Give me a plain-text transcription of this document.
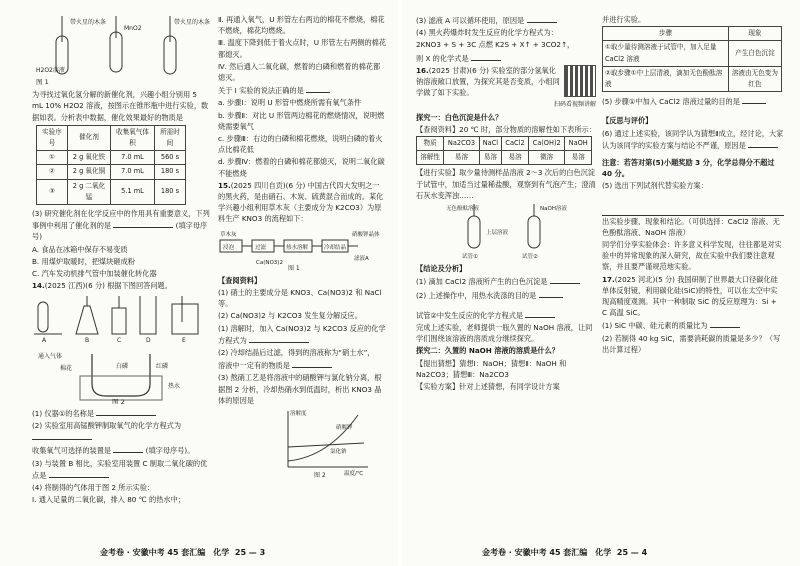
带火星的木条
MnO2
带火星的木条
H2O2溶液
图 1

为寻找过氧化氢分解的新催化剂，兴趣小组分别用 5 mL 10% H2O2 溶液，按图示在锥形瓶中进行实验，数据如表。分析表中数据，催化效果最好的物质是

实验序号	催化剂	收集氧气体积	所需时间
①	2 g 氧化铁	7.0 mL	560 s
②	2 g 氧化铜	7.0 mL	180 s
③	2 g 二氧化锰	5.1 mL	180 s

(3) 研究催化剂在化学反应中的作用具有重要意义，下列事例中利用了催化剂的是	(填字母序号)

A. 食品在冰箱中保存不易变质

B. 用煤炉取暖时，把煤块砸成粉

C. 汽车发动机排气管中加装催化转化器

14.(2025 江西)(6 分) 根据下图回答问题。

A	B	C	D	E

通入气体
棉花	白磷	红磷
热水
图 2

(1) 仪器①的名称是

(2) 实验室用高锰酸钾制取氧气的化学方程式为

收集氧气可选择的装置是	(填字母序号)。

(3) 与装置 B 相比，实验室用装置 C 制取二氧化碳的优点是

(4) 将制得的气体用于图 2 所示实验：

Ⅰ. 通入足量的二氧化碳，排入 80 ℃ 的热水中；

Ⅱ. 再通入氧气，U 形管左右两边的棉花不燃烧，棉花不燃烧，棉花均燃烧。

Ⅲ. 温度下降到低于着火点时，U 形管左右两侧的棉花都熄灭。

Ⅳ. 然后通入二氧化碳，燃着的白磷和燃着的棉花都熄灭。

关于 Ⅰ 实验的说法正确的是

a. 步骤Ⅰ：说明 U 形管中燃烧所需有氧气条件

b. 步骤Ⅱ：对比 U 形管两边棉花的燃烧情况，说明燃烧需要氧气

c. 步骤Ⅲ：右边的白磷和棉花燃烧，说明白磷的着火点比棉花低

d. 步骤Ⅳ：燃着的白磷和棉花都熄灭，说明二氧化碳不能燃烧

15.(2025 四川自贡)(6 分) 中国古代四大发明之一的黑火药，是由硝石、木炭、硫黄混合而成的。某化学兴趣小组利用草木灰（主要成分为 K2CO3）为原料生产 KNO3 的流程如下：

草木灰
浸泡	过滤	热水溶解	冷却结晶
硝酸钾晶体
Ca(NO3)2
滤液A
图 1

【查阅资料】

(1) 硝土的主要成分是 KNO3、Ca(NO3)2 和 NaCl 等。

(2) Ca(NO3)2 与 K2CO3 发生复分解反应。

(1) 溶解时，加入 Ca(NO3)2 与 K2CO3 反应的化学方程式为

(2) 冷却结晶后过滤，得到的溶液称为“硝土水”，

溶液中一定有的物质是

(3) 熬硝工艺是将溶液中的硝酸钾与氯化钠分离，根据图 2 分析，冷却热硝水到低温时，析出 KNO3 晶体的原因是

溶解度
硝酸钾
氯化钠
温度/℃
图 2
金考卷 · 安徽中考 45 套汇编　化学 25 — 3

(3) 滤液 A 可以循环使用，原因是

(4) 黑火药爆炸时发生反应的化学方程式为：

2KNO3 + S + 3C 点燃 K2S + X↑ + 3CO2↑，

则 X 的化学式是

16.(2025 甘肃)(6 分) 实验室的部分氢氧化钠溶液敞口放置，为探究其是否变质，小组同学做了如下实验。

扫码看视频讲解

探究一：白色沉淀是什么？

【查阅资料】20 ℃ 时，部分物质的溶解性如下表所示：

物质	Na2CO3	NaCl	CaCl2	Ca(OH)2	NaOH
溶解性	易溶	易溶	易溶	微溶	易溶

【进行实验】取少量待测样品溶液 2～3 次后的白色沉淀于试管中，加适当过量稀盐酸，观察到有气泡产生；澄清石灰水变浑浊……

无色酚酞溶液	NaOH溶液
上层溶液
试管①	试管②

【结论及分析】

(1) 滴加 CaCl2 溶液所产生的白色沉淀是

(2) 上述操作中，用热水洗涤的目的是

试管②中发生反应的化学方程式是

完成上述实验，老师提供一瓶久置的 NaOH 溶液，让同学们围绕该溶液的溶质成分继续探究。

探究二：久置的 NaOH 溶液的溶质是什么？

【提出猜想】猜想Ⅰ：NaOH；猜想Ⅱ：NaOH 和 Na2CO3；猜想Ⅲ：Na2CO3

【实验方案】针对上述猜想，有同学设计方案

并进行实验。

步骤	现象
①取少量待测溶液于试管中，加入足量 CaCl2 溶液	产生白色沉淀
②取步骤①中上层清液，滴加无色酚酞溶液	溶液由无色变为红色

(5) 步骤①中加入 CaCl2 溶液过量的目的是

【反思与评价】

(6) 通过上述实验，该同学认为猜想Ⅱ成立，经讨论，大家认为该同学的实验方案与结论不严谨，原因是

注意：若答对第(5)小题奖励 3 分，化学总得分不超过 40 分。

(5) 选出下列试剂代替实验方案：

出实验步骤、现象和结论。（可供选择：CaCl2 溶液、无色酚酞溶液、NaOH 溶液）

同学们分享实验体会：许多意义科学发现，往往都是对实验中的异常现象的深入研究，故在实验中我们要注意观察，并且要严谨规范地实验。

17.(2025 河北)(5 分) 我国研制了世界最大口径碳化硅单体反射镜，利用碳化硅(SiC)的特性，可以在太空中实现高精度观测。其中一种制取 SiC 的反应原理为：Si + C 高温 SiC。

(1) SiC 中碳、硅元素的质量比为

(2) 若制得 40 kg SiC，需要消耗碳的质量是多少？（写出计算过程）

金考卷 · 安徽中考 45 套汇编　化学 25 — 4
